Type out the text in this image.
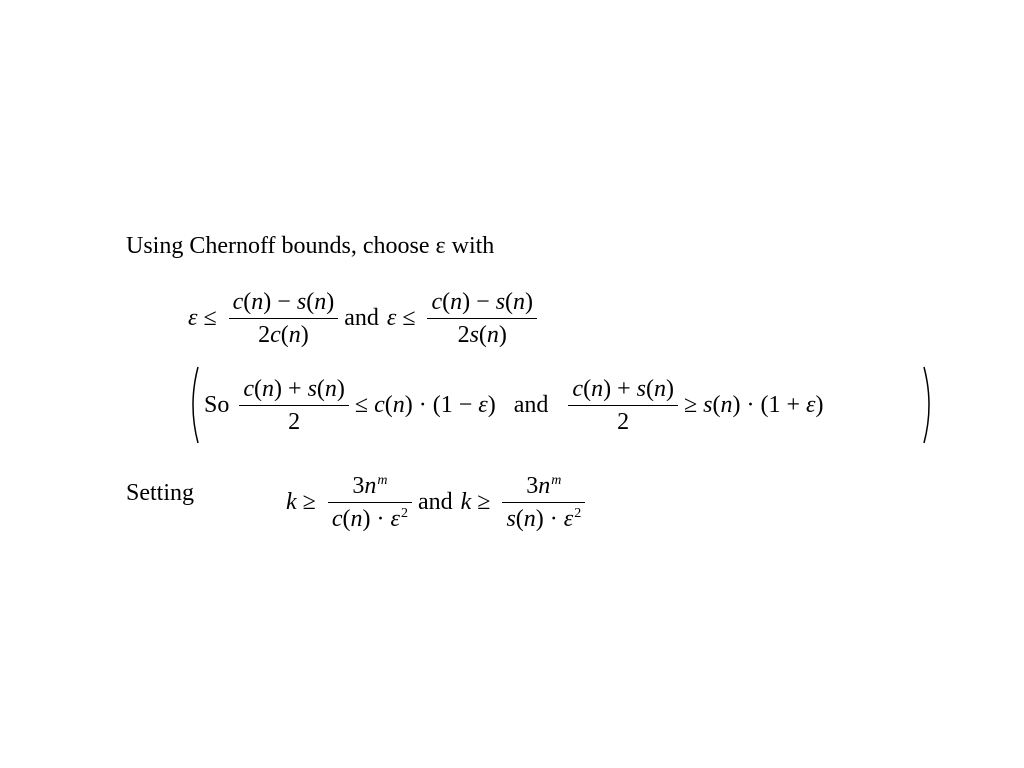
Using Chernoff bounds, choose ε with
$\varepsilon \le \frac{c(n) - s(n)}{2c(n)}$ and $\varepsilon \le \frac{c(n) - s(n)}{2s(n)}$
So $\frac{c(n) + s(n)}{2} \le c(n) \cdot (1 - \varepsilon)$ and $\frac{c(n) + s(n)}{2} \ge s(n) \cdot (1 + \varepsilon)$
Setting	$k \ge \frac{3n^m}{c(n) \cdot \varepsilon^2}$ and $k \ge \frac{3n^m}{s(n) \cdot \varepsilon^2}$
